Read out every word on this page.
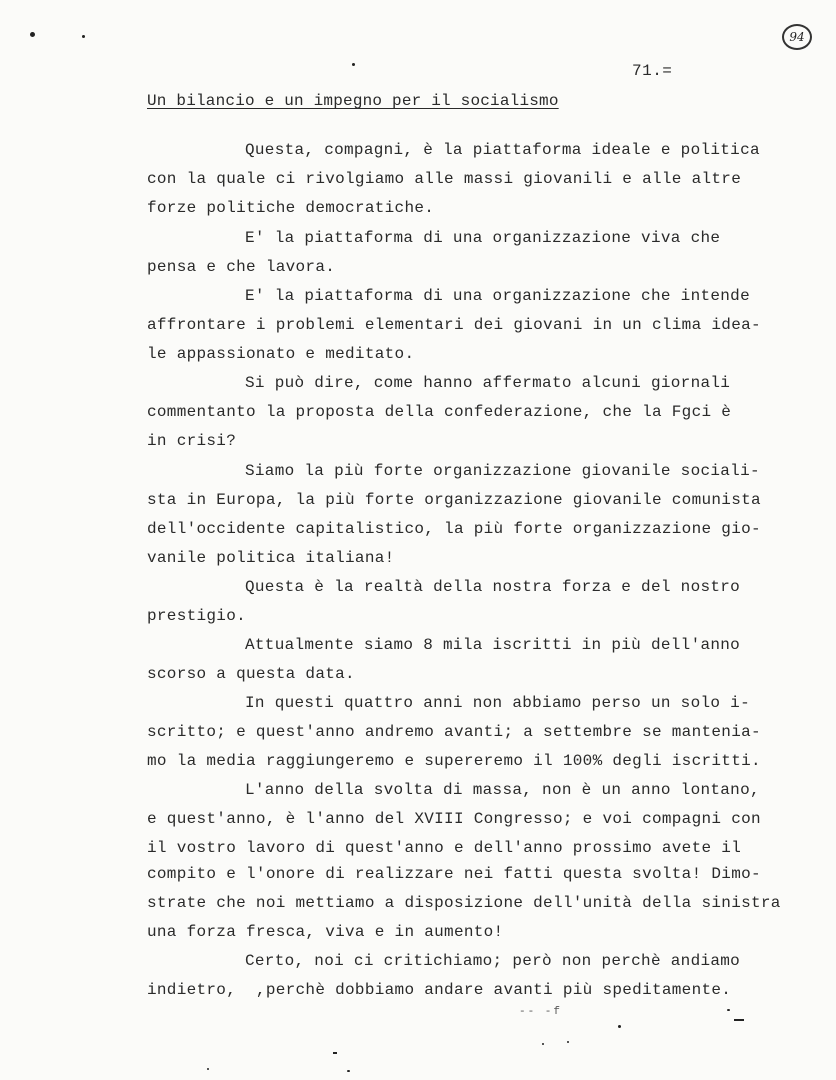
94
71.=
Un bilancio e un impegno per il socialismo
Questa, compagni, è la piattaforma ideale e politica
con la quale ci rivolgiamo alle massi giovanili e alle altre
forze politiche democratiche.
E' la piattaforma di una organizzazione viva che
pensa e che lavora.
E' la piattaforma di una organizzazione che intende
affrontare i problemi elementari dei giovani in un clima idea-
le appassionato e meditato.
Si può dire, come hanno affermato alcuni giornali
commentanto la proposta della confederazione, che la Fgci è
in crisi?
Siamo la più forte organizzazione giovanile sociali-
sta in Europa, la più forte organizzazione giovanile comunista
dell'occidente capitalistico, la più forte organizzazione gio-
vanile politica italiana!
Questa è la realtà della nostra forza e del nostro
prestigio.
Attualmente siamo 8 mila iscritti in più dell'anno
scorso a questa data.
In questi quattro anni non abbiamo perso un solo i-
scritto; e quest'anno andremo avanti; a settembre se mantenia-
mo la media raggiungeremo e supereremo il 100% degli iscritti.
L'anno della svolta di massa, non è un anno lontano,
e quest'anno, è l'anno del XVIII Congresso; e voi compagni con
il vostro lavoro di quest'anno e dell'anno prossimo avete il
compito e l'onore di realizzare nei fatti questa svolta! Dimo-
strate che noi mettiamo a disposizione dell'unità della sinistra
una forza fresca, viva e in aumento!
Certo, noi ci critichiamo; però non perchè andiamo
indietro,  ,perchè dobbiamo andare avanti più speditamente.
-- -f
